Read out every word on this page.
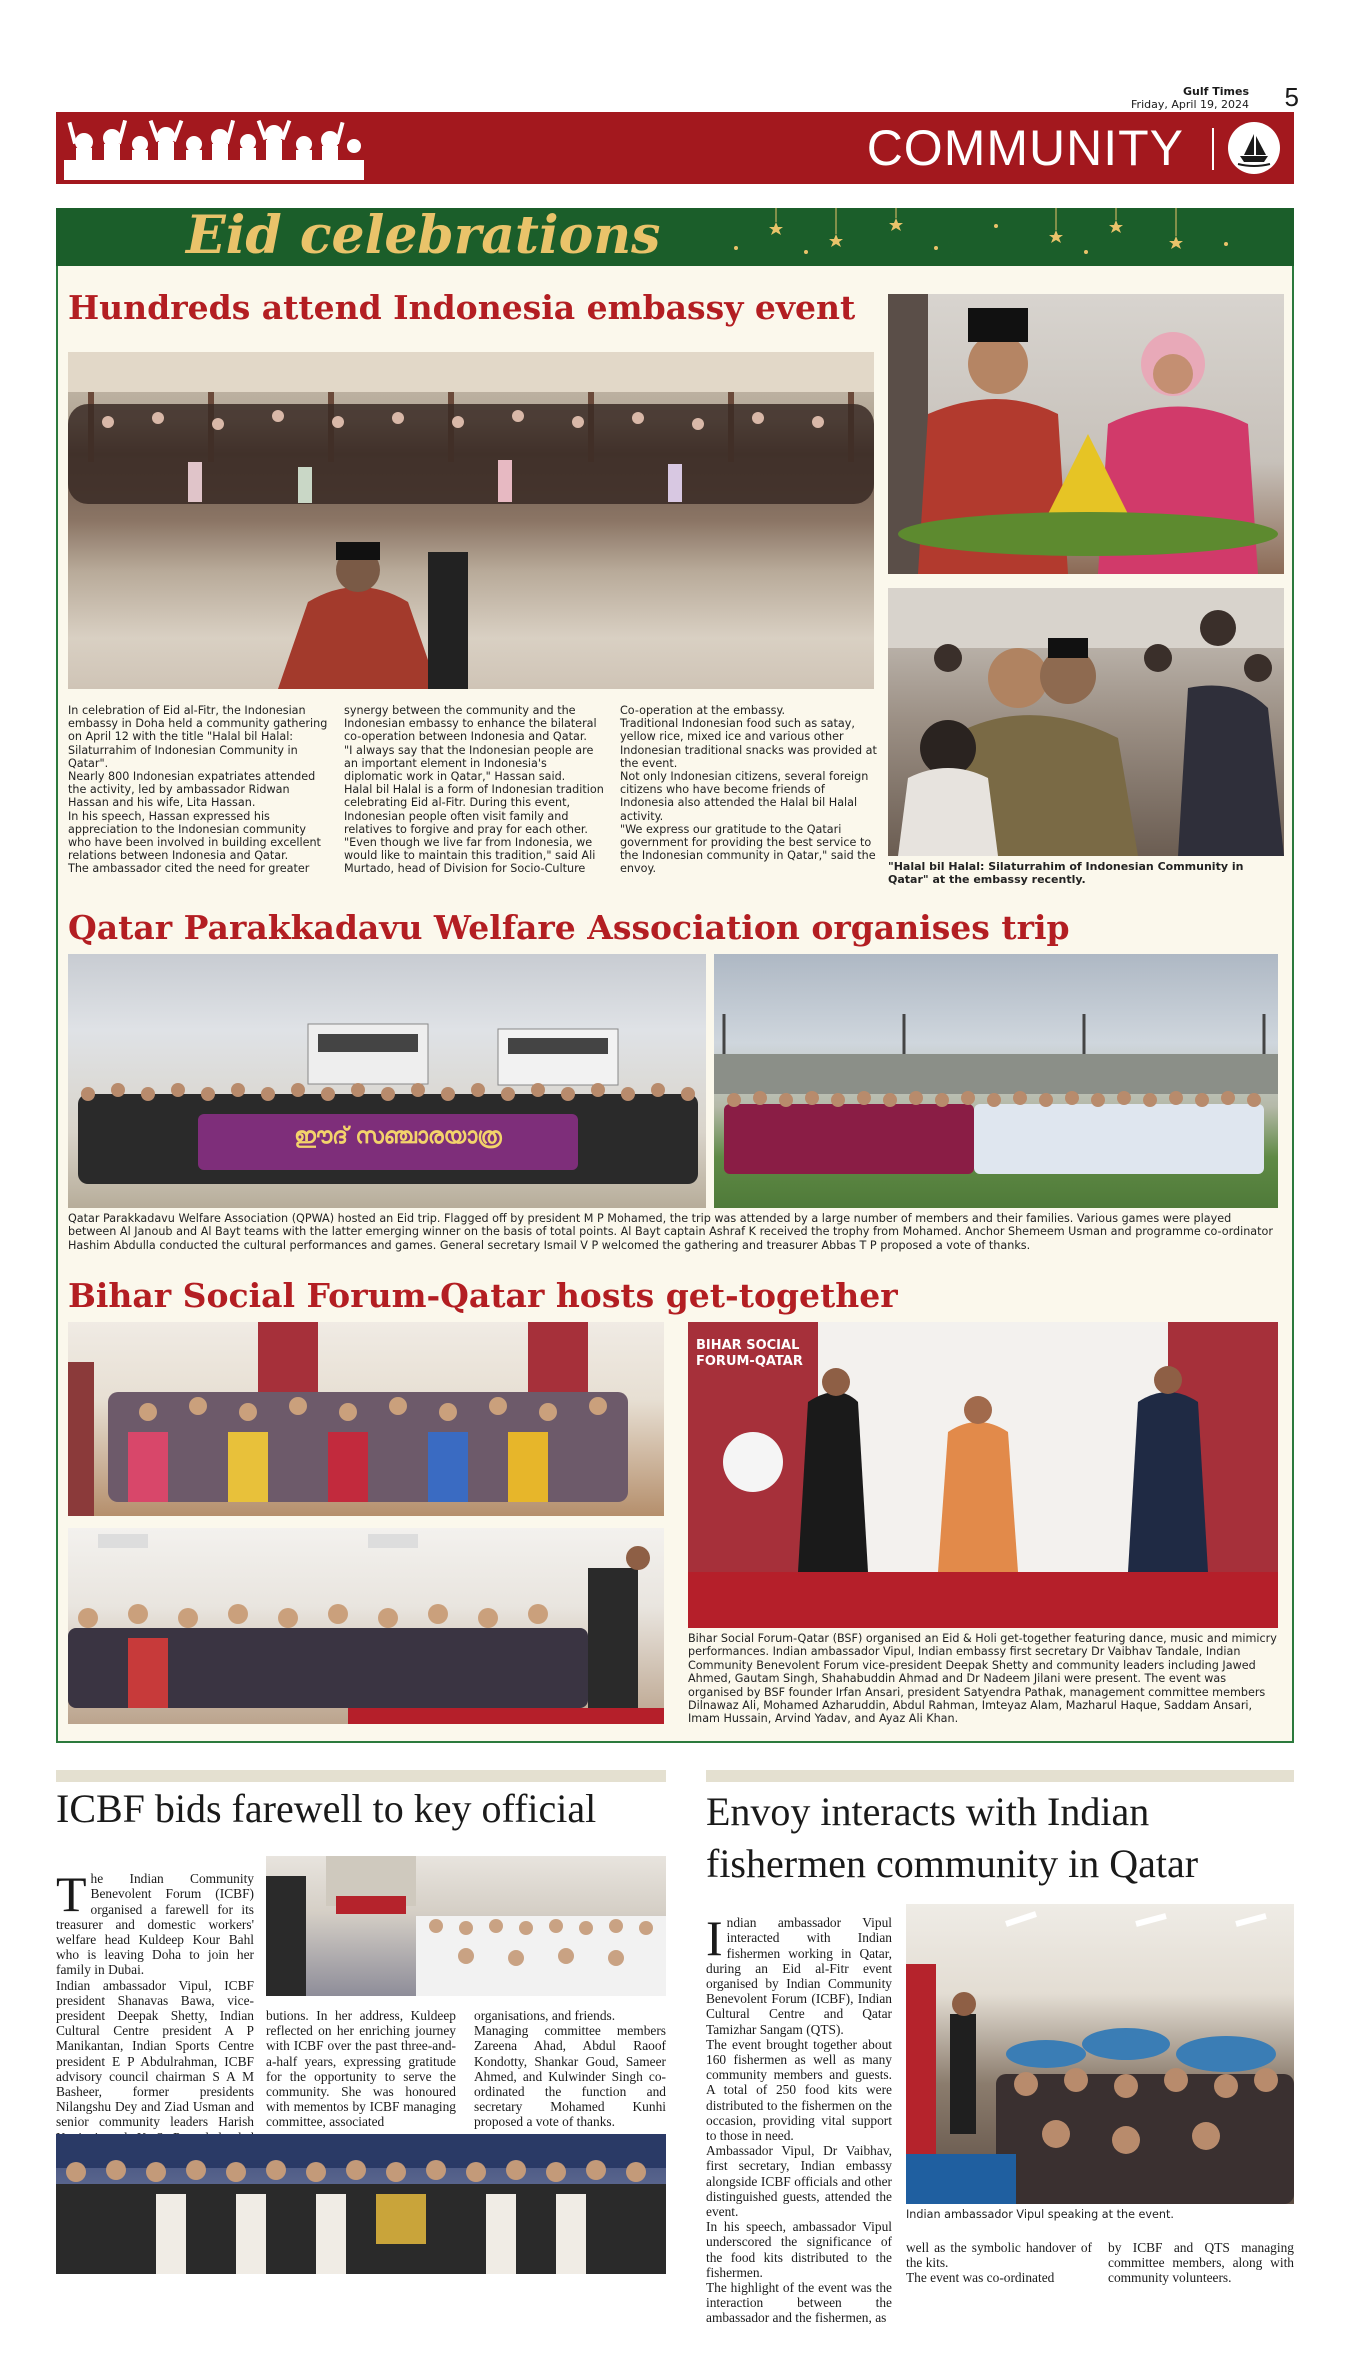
Gulf Times
Friday, April 19, 2024 5
COMMUNITY
Eid celebrations
Hundreds attend Indonesia embassy event
"Halal bil Halal: Silaturrahim of Indonesian Community in Qatar" at the embassy recently.
In celebration of Eid al-Fitr, the Indonesian embassy in Doha held a community gathering on April 12 with the title "Halal bil Halal: Silaturrahim of Indonesian Community in Qatar".
Nearly 800 Indonesian expatriates attended the activity, led by ambassador Ridwan Hassan and his wife, Lita Hassan.
In his speech, Hassan expressed his appreciation to the Indonesian community who have been involved in building excellent relations between Indonesia and Qatar.
The ambassador cited the need for greater
synergy between the community and the Indonesian embassy to enhance the bilateral co-operation between Indonesia and Qatar.
"I always say that the Indonesian people are an important element in Indonesia's diplomatic work in Qatar," Hassan said.
Halal bil Halal is a form of Indonesian tradition celebrating Eid al-Fitr. During this event, Indonesian people often visit family and relatives to forgive and pray for each other.
"Even though we live far from Indonesia, we would like to maintain this tradition," said Ali Murtado, head of Division for Socio-Culture
Co-operation at the embassy.
Traditional Indonesian food such as satay, yellow rice, mixed ice and various other Indonesian traditional snacks was provided at the event.
Not only Indonesian citizens, several foreign citizens who have become friends of Indonesia also attended the Halal bil Halal activity.
"We express our gratitude to the Qatari government for providing the best service to the Indonesian community in Qatar," said the envoy.
Qatar Parakkadavu Welfare Association organises trip
ഈദ് സഞ്ചാരയാത്ര
Qatar Parakkadavu Welfare Association (QPWA) hosted an Eid trip. Flagged off by president M P Mohamed, the trip was attended by a large number of members and their families. Various games were played between Al Janoub and Al Bayt teams with the latter emerging winner on the basis of total points. Al Bayt captain Ashraf K received the trophy from Mohamed. Anchor Shemeem Usman and programme co-ordinator Hashim Abdulla conducted the cultural performances and games. General secretary Ismail V P welcomed the gathering and treasurer Abbas T P proposed a vote of thanks.
Bihar Social Forum-Qatar hosts get-together
BIHAR SOCIAL FORUM-QATAR
Bihar Social Forum-Qatar (BSF) organised an Eid & Holi get-together featuring dance, music and mimicry performances. Indian ambassador Vipul, Indian embassy first secretary Dr Vaibhav Tandale, Indian Community Benevolent Forum vice-president Deepak Shetty and community leaders including Jawed Ahmed, Gautam Singh, Shahabuddin Ahmad and Dr Nadeem Jilani were present. The event was organised by BSF founder Irfan Ansari, president Satyendra Pathak, management committee members Dilnawaz Ali, Mohamed Azharuddin, Abdul Rahman, Imteyaz Alam, Mazharul Haque, Saddam Ansari, Imam Hussain, Arvind Yadav, and Ayaz Ali Khan.
ICBF bids farewell to key official

The Indian Community Benevolent Forum (ICBF) organised a farewell for its treasurer and domestic workers' welfare head Kuldeep Kour Bahl who is leaving Doha to join her family in Dubai.
Indian ambassador Vipul, ICBF president Shanavas Bawa, vice-president Deepak Shetty, Indian Cultural Centre president A P Manikantan, Indian Sports Centre president E P Abdulrahman, ICBF advisory council chairman S A M Basheer, former presidents Nilangshu Dey and Ziad Usman and senior community leaders Harish

butions. In her address, Kuldeep reflected on her enriching journey with ICBF over the past three-and-a-half years, expressing gratitude for the opportunity to serve the community. She was honoured with mementos by ICBF managing committee, associated
organisations, and friends.
Managing committee members Zareena Ahad, Abdul Raoof Kondotty, Shankar Goud, Sameer Ahmed, and Kulwinder Singh co-ordinated the function and secretary Mohamed Kunhi proposed a vote of thanks.
Envoy interacts with Indian fishermen community in Qatar

Indian ambassador Vipul interacted with Indian fishermen working in Qatar, during an Eid al-Fitr event organised by Indian Community Benevolent Forum (ICBF), Indian Cultural Centre and Qatar Tamizhar Sangam (QTS).
The event brought together about 160 fishermen as well as many community members and guests. A total of 250 food kits were distributed to the fishermen on the occasion, providing vital support to those in need.
Ambassador Vipul, Dr Vaibhav, first secretary, Indian embassy alongside ICBF officials and other distinguished guests, attended the event.
In his speech, ambassador Vipul underscored the significance of the food kits distributed to the fishermen.
The highlight of the event was the interaction between the ambassador and the fishermen, as

Indian ambassador Vipul speaking at the event.
well as the symbolic handover of the kits.
The event was co-ordinated
by ICBF and QTS managing committee members, along with community volunteers.
